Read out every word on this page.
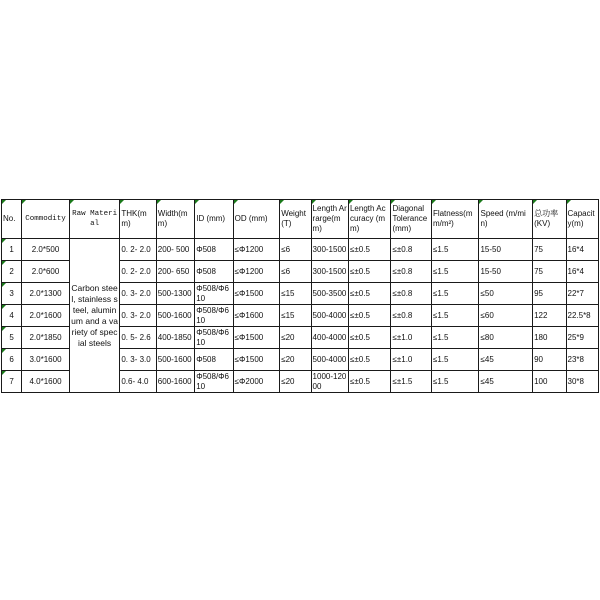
No.	Commodity	Raw Material	THK(mm)	Width(mm)	ID (mm)	OD (mm)	Weight(T)	Length Arrarge(mm)	Length Accuracy (mm)	Diagonal Tolerance(mm)	Flatness(mm/m²)	Speed (m/min)	总功率(KV)	Capacity(m)
1	2.0*500	Carbon steel, stainless steel, aluminum and a variety of special steels	0. 2- 2.0	200- 500	Φ508	≤Φ1200	≤6	300-1500	≤±0.5	≤±0.8	≤1.5	15-50	75	16*4
2	2.0*600		0. 2- 2.0	200- 650	Φ508	≤Φ1200	≤6	300-1500	≤±0.5	≤±0.8	≤1.5	15-50	75	16*4
3	2.0*1300		0. 3- 2.0	500-1300	Φ508/Φ610	≤Φ1500	≤15	500-3500	≤±0.5	≤±0.8	≤1.5	≤50	95	22*7
4	2.0*1600		0. 3- 2.0	500-1600	Φ508/Φ610	≤Φ1600	≤15	500-4000	≤±0.5	≤±0.8	≤1.5	≤60	122	22.5*8
5	2.0*1850		0. 5- 2.6	400-1850	Φ508/Φ610	≤Φ1500	≤20	400-4000	≤±0.5	≤±1.0	≤1.5	≤80	180	25*9
6	3.0*1600		0. 3- 3.0	500-1600	Φ508	≤Φ1500	≤20	500-4000	≤±0.5	≤±1.0	≤1.5	≤45	90	23*8
7	4.0*1600		0.6- 4.0	600-1600	Φ508/Φ610	≤Φ2000	≤20	1000-12000	≤±0.5	≤±1.5	≤1.5	≤45	100	30*8
